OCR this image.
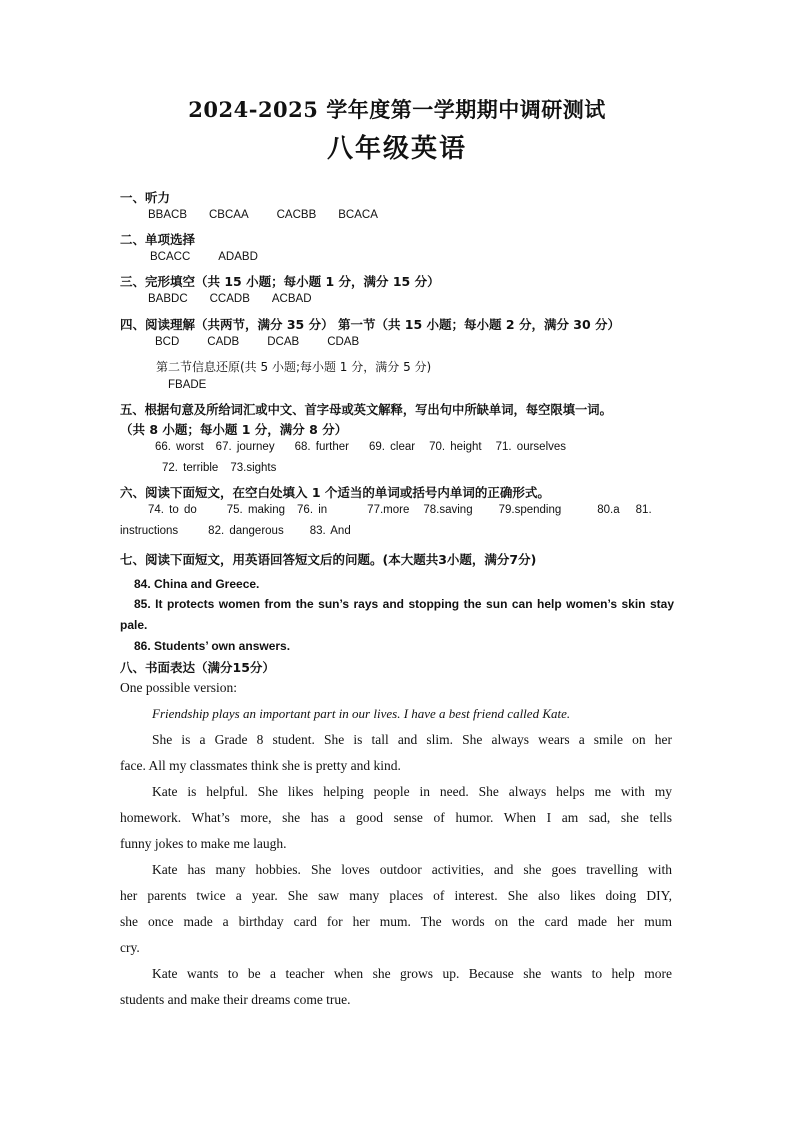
2024-2025 学年度第一学期期中调研测试
八年级英语
一、听力
BBACB CBCAA CACBB BCACA
二、单项选择
BCACC ADABD
三、完形填空（共 15 小题；每小题 1 分，满分 15 分）
BABDC CCADB ACBAD
四、阅读理解（共两节，满分 35 分） 第一节（共 15 小题；每小题 2 分，满分 30 分）
BCD CADB DCAB CDAB
第二节信息还原(共 5 小题;每小题 1 分，满分 5 分)
FBADE
五、根据句意及所给词汇或中文、首字母或英文解释，写出句中所缺单词，每空限填一词。
（共 8 小题；每小题 1 分，满分 8 分）
66. worst 67. journey 68. further 69. clear 70. height 71. ourselves
72. terrible 73.sights
六、阅读下面短文，在空白处填入 1 个适当的单词或括号内单词的正确形式。
74. to do	75. making 76. in	77.more 78.saving 79.spending	80.a 81.
instructions	82. dangerous 83. And
七、阅读下面短文，用英语回答短文后的问题。(本大题共3小题，满分7分)
84. China and Greece.
85. It protects women from the sun’s rays and stopping the sun can help women’s skin stay
pale.
86. Students’ own answers.
八、书面表达（满分15分）
One possible version:
Friendship plays an important part in our lives. I have a best friend called Kate.
She is a Grade 8 student. She is tall and slim. She always wears a smile on her
face. All my classmates think she is pretty and kind.
Kate is helpful. She likes helping people in need. She always helps me with my
homework. What’s more, she has a good sense of humor. When I am sad, she tells
funny jokes to make me laugh.
Kate has many hobbies. She loves outdoor activities, and she goes travelling with
her parents twice a year. She saw many places of interest. She also likes doing DIY,
she once made a birthday card for her mum. The words on the card made her mum
cry.
Kate wants to be a teacher when she grows up. Because she wants to help more
students and make their dreams come true.
